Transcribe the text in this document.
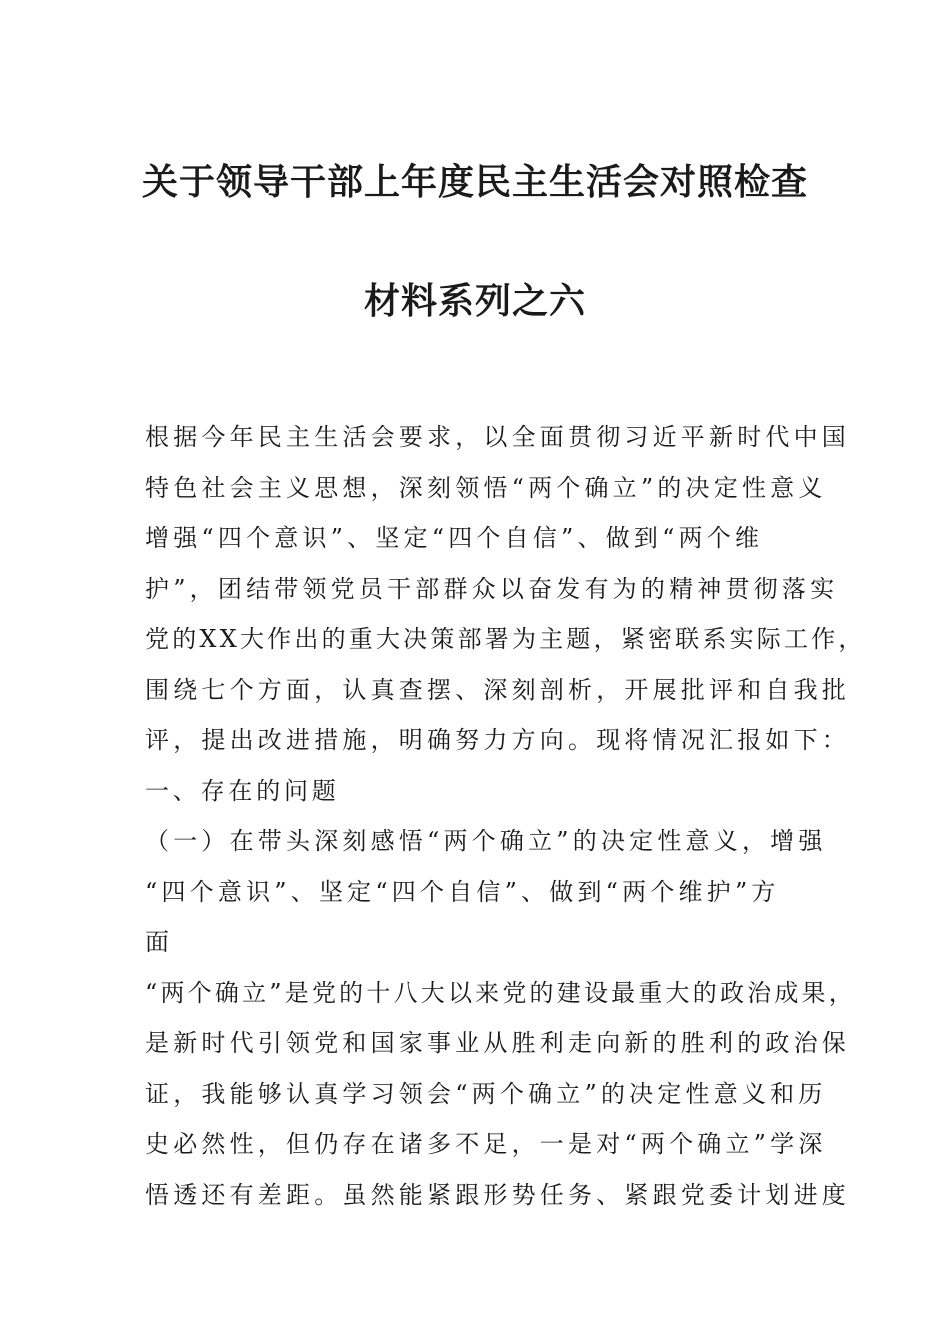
关于领导干部上年度民主生活会对照检查
材料系列之六
根据今年民主生活会要求，以全面贯彻习近平新时代中国
特色社会主义思想，深刻领悟“两个确立”的决定性意义
增强“四个意识”、坚定“四个自信”、做到“两个维
护”，团结带领党员干部群众以奋发有为的精神贯彻落实
党的XX大作出的重大决策部署为主题，紧密联系实际工作，
围绕七个方面，认真查摆、深刻剖析，开展批评和自我批
评，提出改进措施，明确努力方向。现将情况汇报如下：
一、存在的问题
（一）在带头深刻感悟“两个确立”的决定性意义，增强
“四个意识”、坚定“四个自信”、做到“两个维护”方
面
“两个确立”是党的十八大以来党的建设最重大的政治成果，
是新时代引领党和国家事业从胜利走向新的胜利的政治保
证，我能够认真学习领会“两个确立”的决定性意义和历
史必然性，但仍存在诸多不足，一是对“两个确立”学深
悟透还有差距。虽然能紧跟形势任务、紧跟党委计划进度
